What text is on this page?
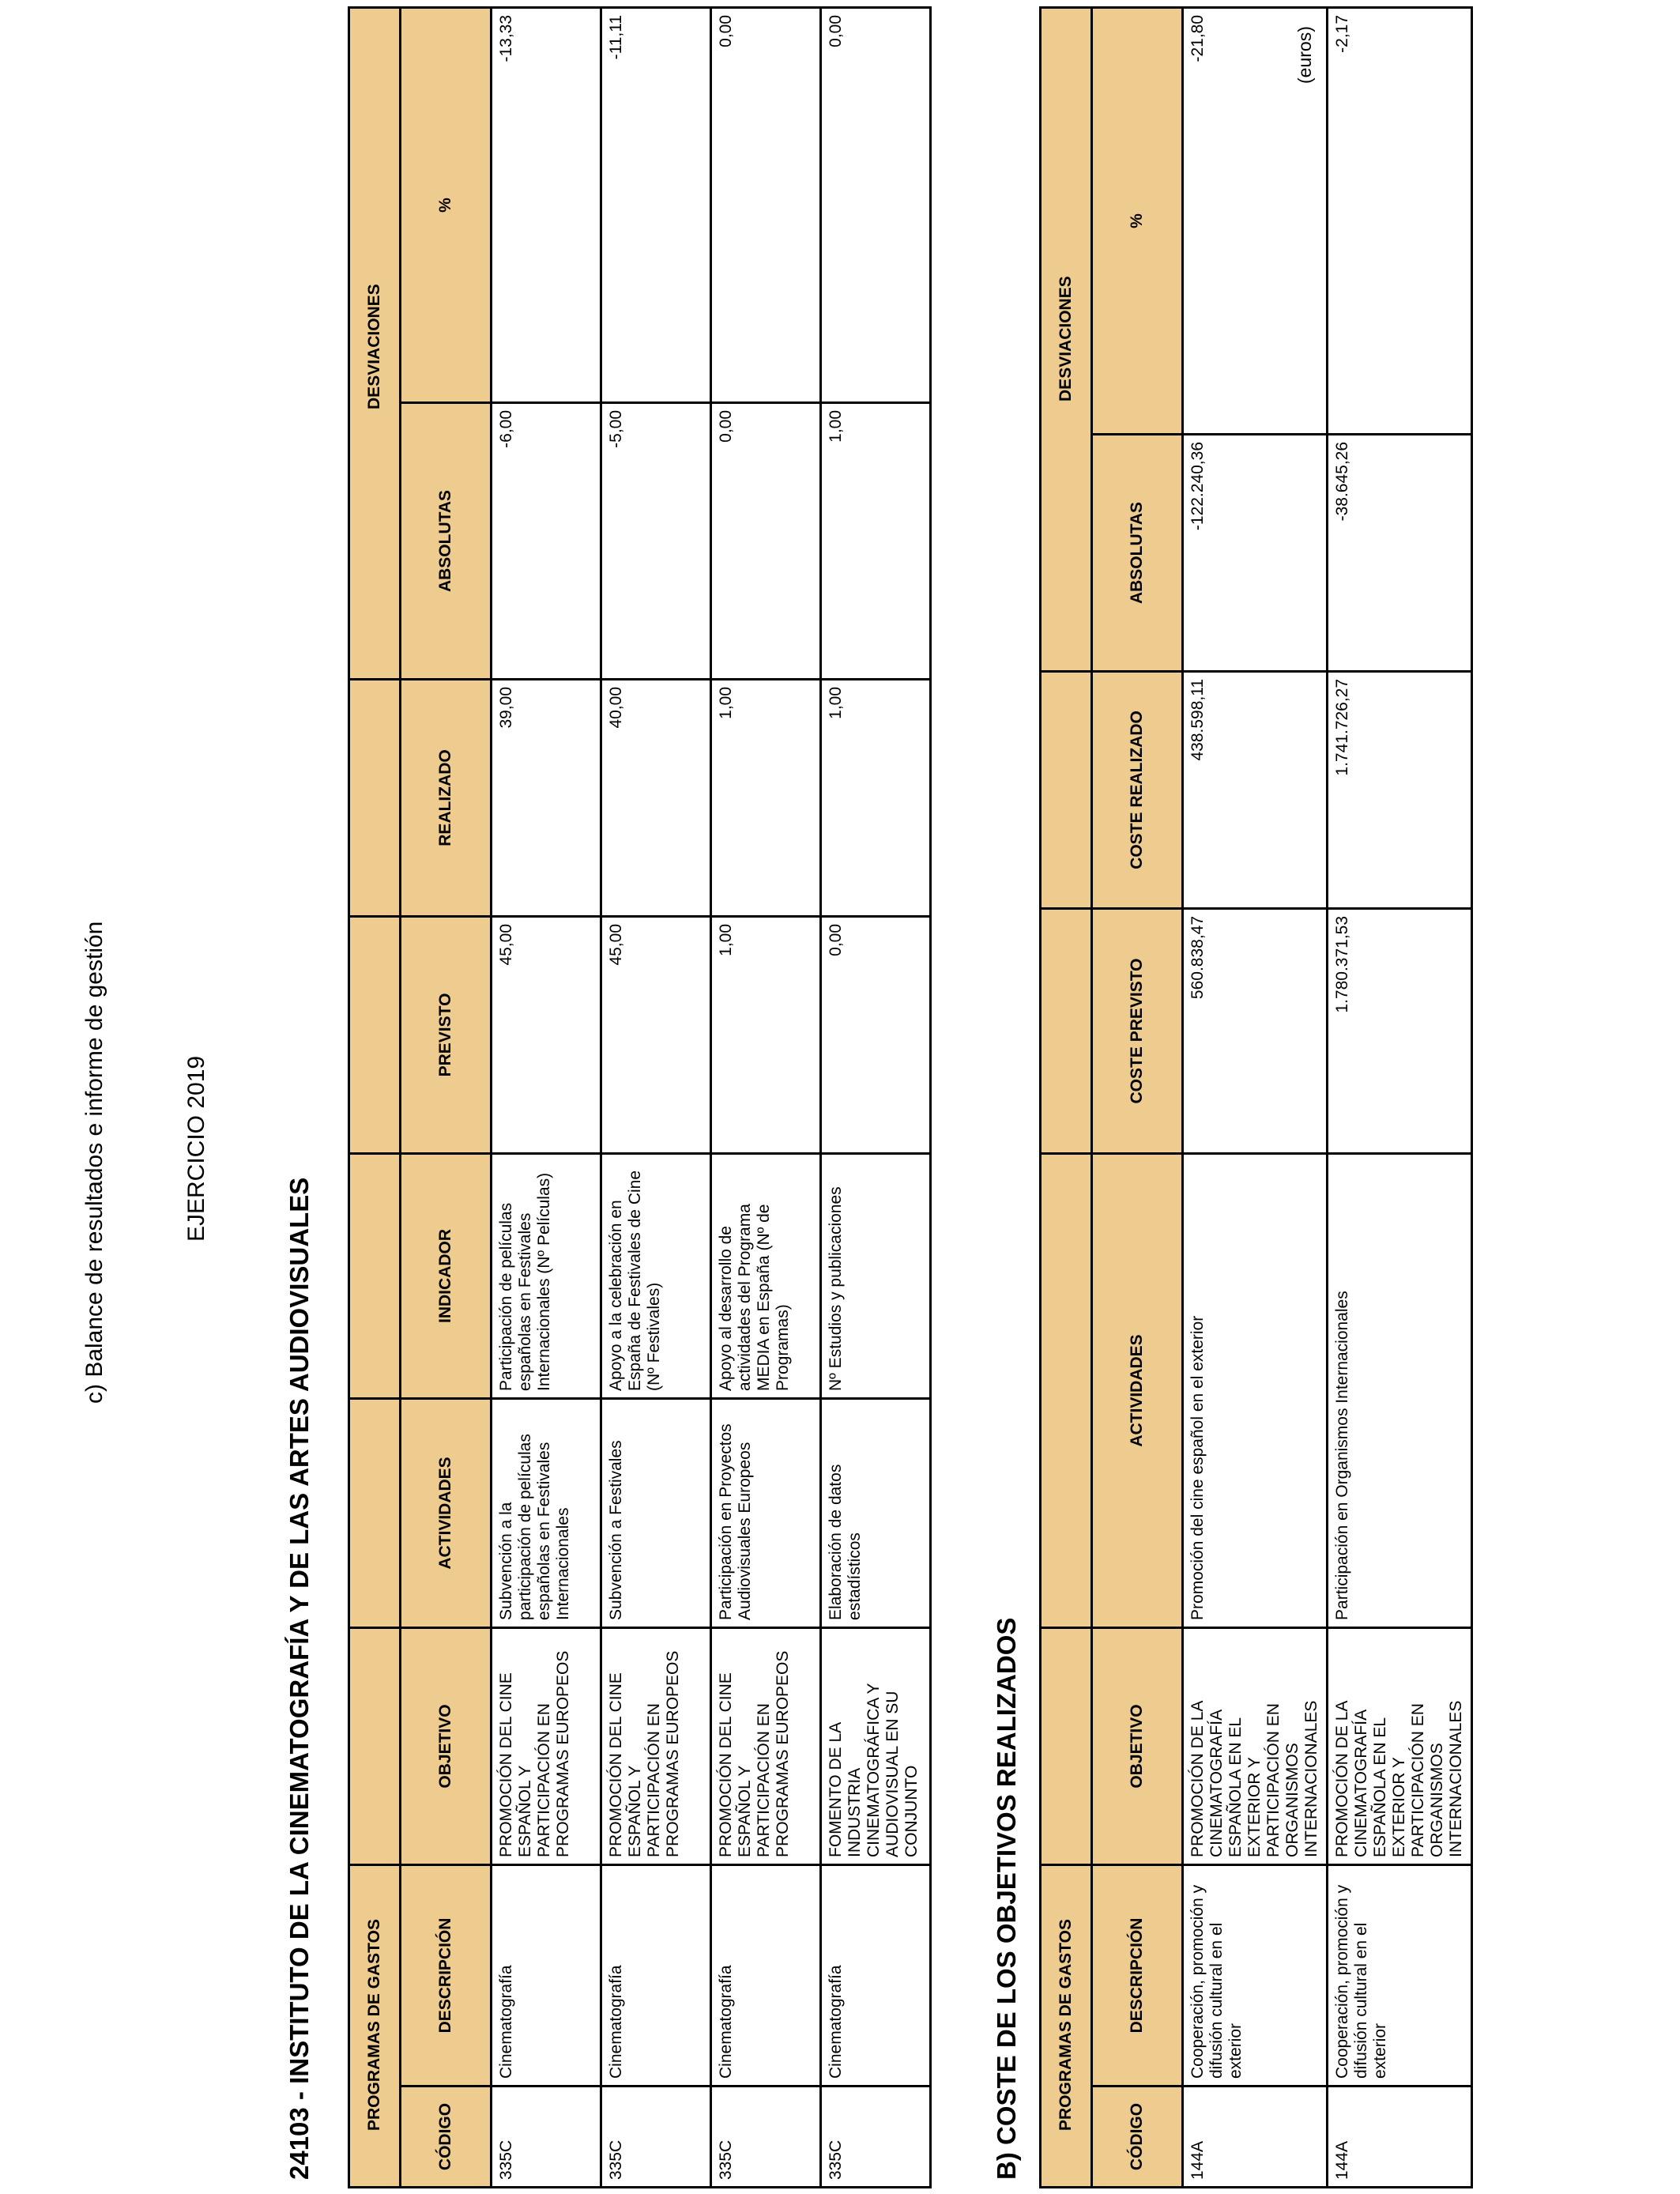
c) Balance de resultados e informe de gestión	EJERCICIO 2019
24103 - INSTITUTO DE LA CINEMATOGRAFÍA Y DE LAS ARTES AUDIOVISUALES
(euros)
PROGRAMAS DE GASTOS							DESVIACIONES	
CÓDIGO	DESCRIPCIÓN	OBJETIVO	ACTIVIDADES	INDICADOR	PREVISTO	REALIZADO	ABSOLUTAS	%
335C	Cinematografía	PROMOCIÓN DEL CINE ESPAÑOL Y PARTICIPACIÓN EN PROGRAMAS EUROPEOS	Subvención a la participación de películas españolas en Festivales Internacionales	Participación de películas españolas en Festivales Internacionales (Nº Películas)	45,00	39,00	-6,00	-13,33
335C	Cinematografía	PROMOCIÓN DEL CINE ESPAÑOL Y PARTICIPACIÓN EN PROGRAMAS EUROPEOS	Subvención a Festivales	Apoyo a la celebración en España de Festivales de Cine (Nº Festivales)	45,00	40,00	-5,00	-11,11
335C	Cinematografía	PROMOCIÓN DEL CINE ESPAÑOL Y PARTICIPACIÓN EN PROGRAMAS EUROPEOS	Participación en Proyectos Audiovisuales Europeos	Apoyo al desarrollo de actividades del Programa MEDIA en España (Nº de Programas)	1,00	1,00	0,00	0,00
335C	Cinematografía	FOMENTO DE LA INDUSTRIA CINEMATOGRÁFICA Y AUDIOVISUAL EN SU CONJUNTO	Elaboración de datos estadísticos	Nº Estudios y publicaciones	0,00	1,00	1,00	0,00
B) COSTE DE LOS OBJETIVOS REALIZADOS PROGRAMAS DE GASTOS						DESVIACIONES	
CÓDIGO	DESCRIPCIÓN	OBJETIVO	ACTIVIDADES	COSTE PREVISTO	COSTE REALIZADO	ABSOLUTAS	%
144A	Cooperación, promoción y difusión cultural en el exterior	PROMOCIÓN DE LA CINEMATOGRAFÍA ESPAÑOLA EN EL EXTERIOR Y PARTICIPACIÓN EN ORGANISMOS INTERNACIONALES	Promoción del cine español en el exterior	560.838,47	438.598,11	-122.240,36	-21,80
144A	Cooperación, promoción y difusión cultural en el exterior	PROMOCIÓN DE LA CINEMATOGRAFÍA ESPAÑOLA EN EL EXTERIOR Y PARTICIPACIÓN EN ORGANISMOS INTERNACIONALES	Participación en Organismos Internacionales	1.780.371,53	1.741.726,27	-38.645,26	-2,17
